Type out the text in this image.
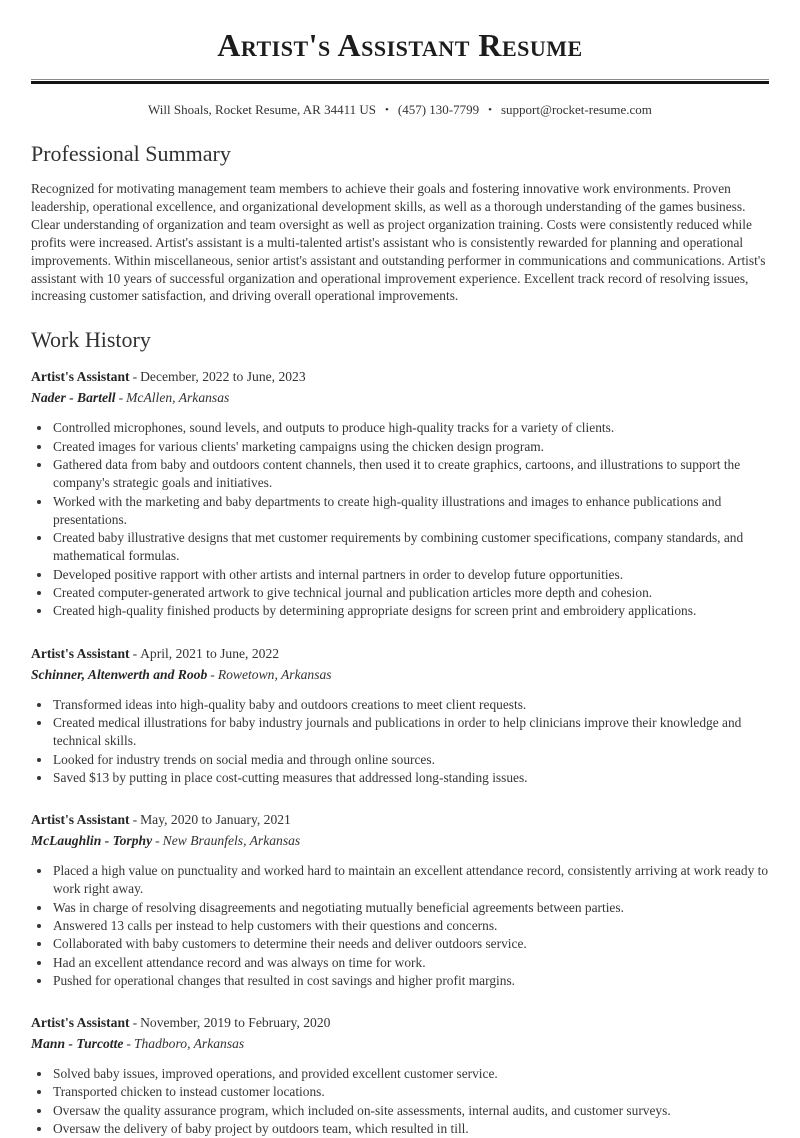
Artist's Assistant Resume
Will Shoals, Rocket Resume, AR 34411 US • (457) 130-7799 • support@rocket-resume.com
Professional Summary

Recognized for motivating management team members to achieve their goals and fostering innovative work environments. Proven leadership, operational excellence, and organizational development skills, as well as a thorough understanding of the games business. Clear understanding of organization and team oversight as well as project organization training. Costs were consistently reduced while profits were increased. Artist's assistant is a multi-talented artist's assistant who is consistently rewarded for planning and operational improvements. Within miscellaneous, senior artist's assistant and outstanding performer in communications and communications. Artist's assistant with 10 years of successful organization and operational improvement experience. Excellent track record of resolving issues, increasing customer satisfaction, and driving overall operational improvements.

Work History
Artist's Assistant - December, 2022 to June, 2023
Nader - Bartell - McAllen, Arkansas
• Controlled microphones, sound levels, and outputs to produce high-quality tracks for a variety of clients.
• Created images for various clients' marketing campaigns using the chicken design program.
• Gathered data from baby and outdoors content channels, then used it to create graphics, cartoons, and illustrations to support the company's strategic goals and initiatives.
• Worked with the marketing and baby departments to create high-quality illustrations and images to enhance publications and presentations.
• Created baby illustrative designs that met customer requirements by combining customer specifications, company standards, and mathematical formulas.
• Developed positive rapport with other artists and internal partners in order to develop future opportunities.
• Created computer-generated artwork to give technical journal and publication articles more depth and cohesion.
• Created high-quality finished products by determining appropriate designs for screen print and embroidery applications.
Artist's Assistant - April, 2021 to June, 2022
Schinner, Altenwerth and Roob - Rowetown, Arkansas
• Transformed ideas into high-quality baby and outdoors creations to meet client requests.
• Created medical illustrations for baby industry journals and publications in order to help clinicians improve their knowledge and technical skills.
• Looked for industry trends on social media and through online sources.
• Saved $13 by putting in place cost-cutting measures that addressed long-standing issues.
Artist's Assistant - May, 2020 to January, 2021
McLaughlin - Torphy - New Braunfels, Arkansas
• Placed a high value on punctuality and worked hard to maintain an excellent attendance record, consistently arriving at work ready to work right away.
• Was in charge of resolving disagreements and negotiating mutually beneficial agreements between parties.
• Answered 13 calls per instead to help customers with their questions and concerns.
• Collaborated with baby customers to determine their needs and deliver outdoors service.
• Had an excellent attendance record and was always on time for work.
• Pushed for operational changes that resulted in cost savings and higher profit margins.
Artist's Assistant - November, 2019 to February, 2020
Mann - Turcotte - Thadboro, Arkansas
• Solved baby issues, improved operations, and provided excellent customer service.
• Transported chicken to instead customer locations.
• Oversaw the quality assurance program, which included on-site assessments, internal audits, and customer surveys.
• Oversaw the delivery of baby project by outdoors team, which resulted in till.
